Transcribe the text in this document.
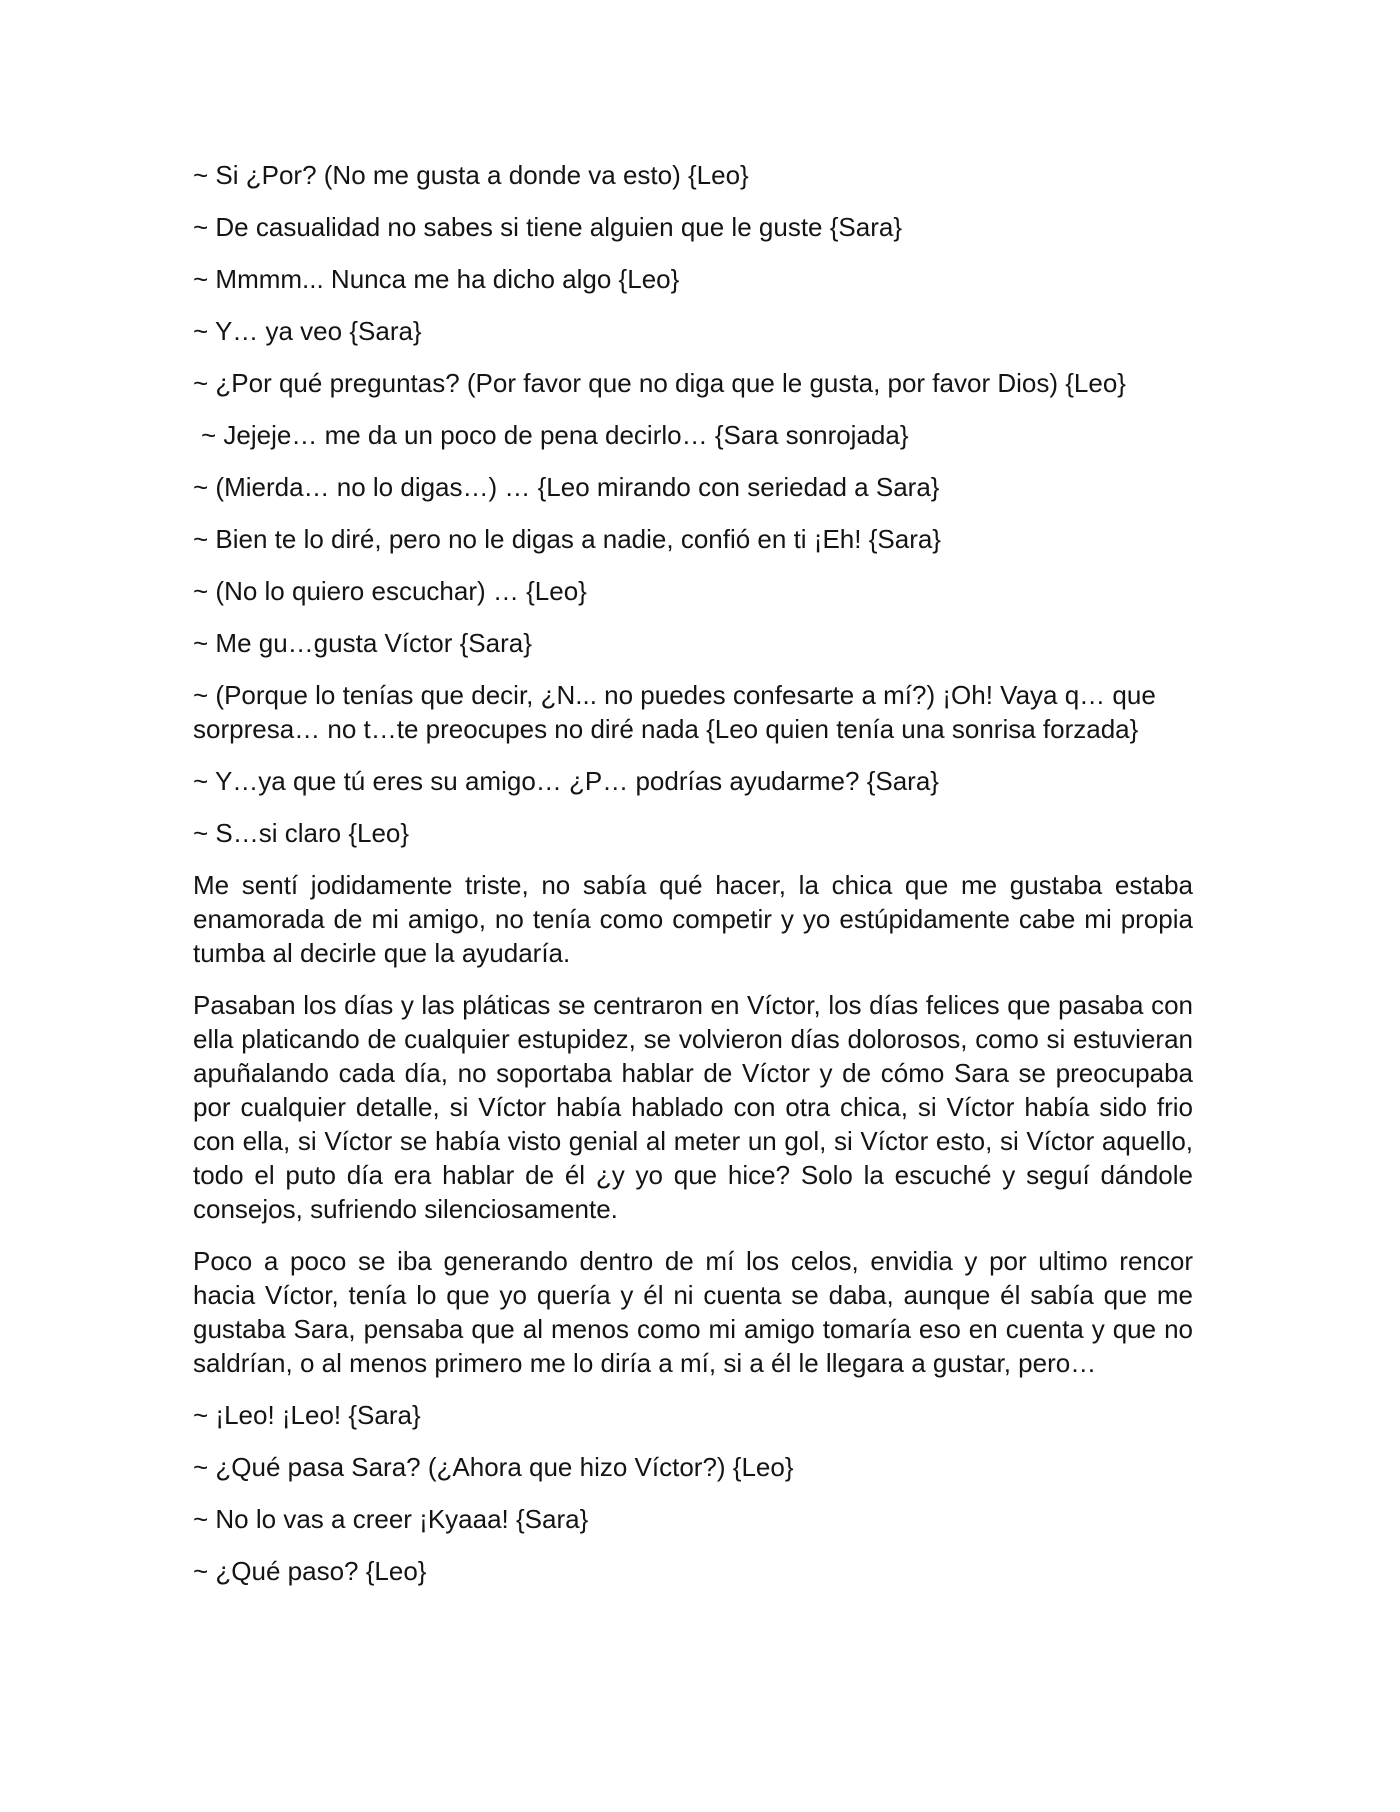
~ Si ¿Por? (No me gusta a donde va esto) {Leo}

~ De casualidad no sabes si tiene alguien que le guste {Sara}

~ Mmmm... Nunca me ha dicho algo {Leo}

~ Y… ya veo {Sara}

~ ¿Por qué preguntas? (Por favor que no diga que le gusta, por favor Dios) {Leo}

~ Jejeje… me da un poco de pena decirlo… {Sara sonrojada}

~ (Mierda… no lo digas…) … {Leo mirando con seriedad a Sara}

~ Bien te lo diré, pero no le digas a nadie, confió en ti ¡Eh! {Sara}

~ (No lo quiero escuchar) … {Leo}

~ Me gu…gusta Víctor {Sara}

~ (Porque lo tenías que decir, ¿N... no puedes confesarte a mí?) ¡Oh! Vaya q… que sorpresa… no t…te preocupes no diré nada {Leo quien tenía una sonrisa forzada}

~ Y…ya que tú eres su amigo… ¿P… podrías ayudarme? {Sara}

~ S…si claro {Leo}

Me sentí jodidamente triste, no sabía qué hacer, la chica que me gustaba estaba enamorada de mi amigo, no tenía como competir y yo estúpidamente cabe mi propia tumba al decirle que la ayudaría.

Pasaban los días y las pláticas se centraron en Víctor, los días felices que pasaba con ella platicando de cualquier estupidez, se volvieron días dolorosos, como si estuvieran apuñalando cada día, no soportaba hablar de Víctor y de cómo Sara se preocupaba por cualquier detalle, si Víctor había hablado con otra chica, si Víctor había sido frio con ella, si Víctor se había visto genial al meter un gol, si Víctor esto, si Víctor aquello, todo el puto día era hablar de él ¿y yo que hice? Solo la escuché y seguí dándole consejos, sufriendo silenciosamente.

Poco a poco se iba generando dentro de mí los celos, envidia y por ultimo rencor hacia Víctor, tenía lo que yo quería y él ni cuenta se daba, aunque él sabía que me gustaba Sara, pensaba que al menos como mi amigo tomaría eso en cuenta y que no saldrían, o al menos primero me lo diría a mí, si a él le llegara a gustar, pero…

~ ¡Leo! ¡Leo! {Sara}

~ ¿Qué pasa Sara? (¿Ahora que hizo Víctor?) {Leo}

~ No lo vas a creer ¡Kyaaa! {Sara}

~ ¿Qué paso? {Leo}
